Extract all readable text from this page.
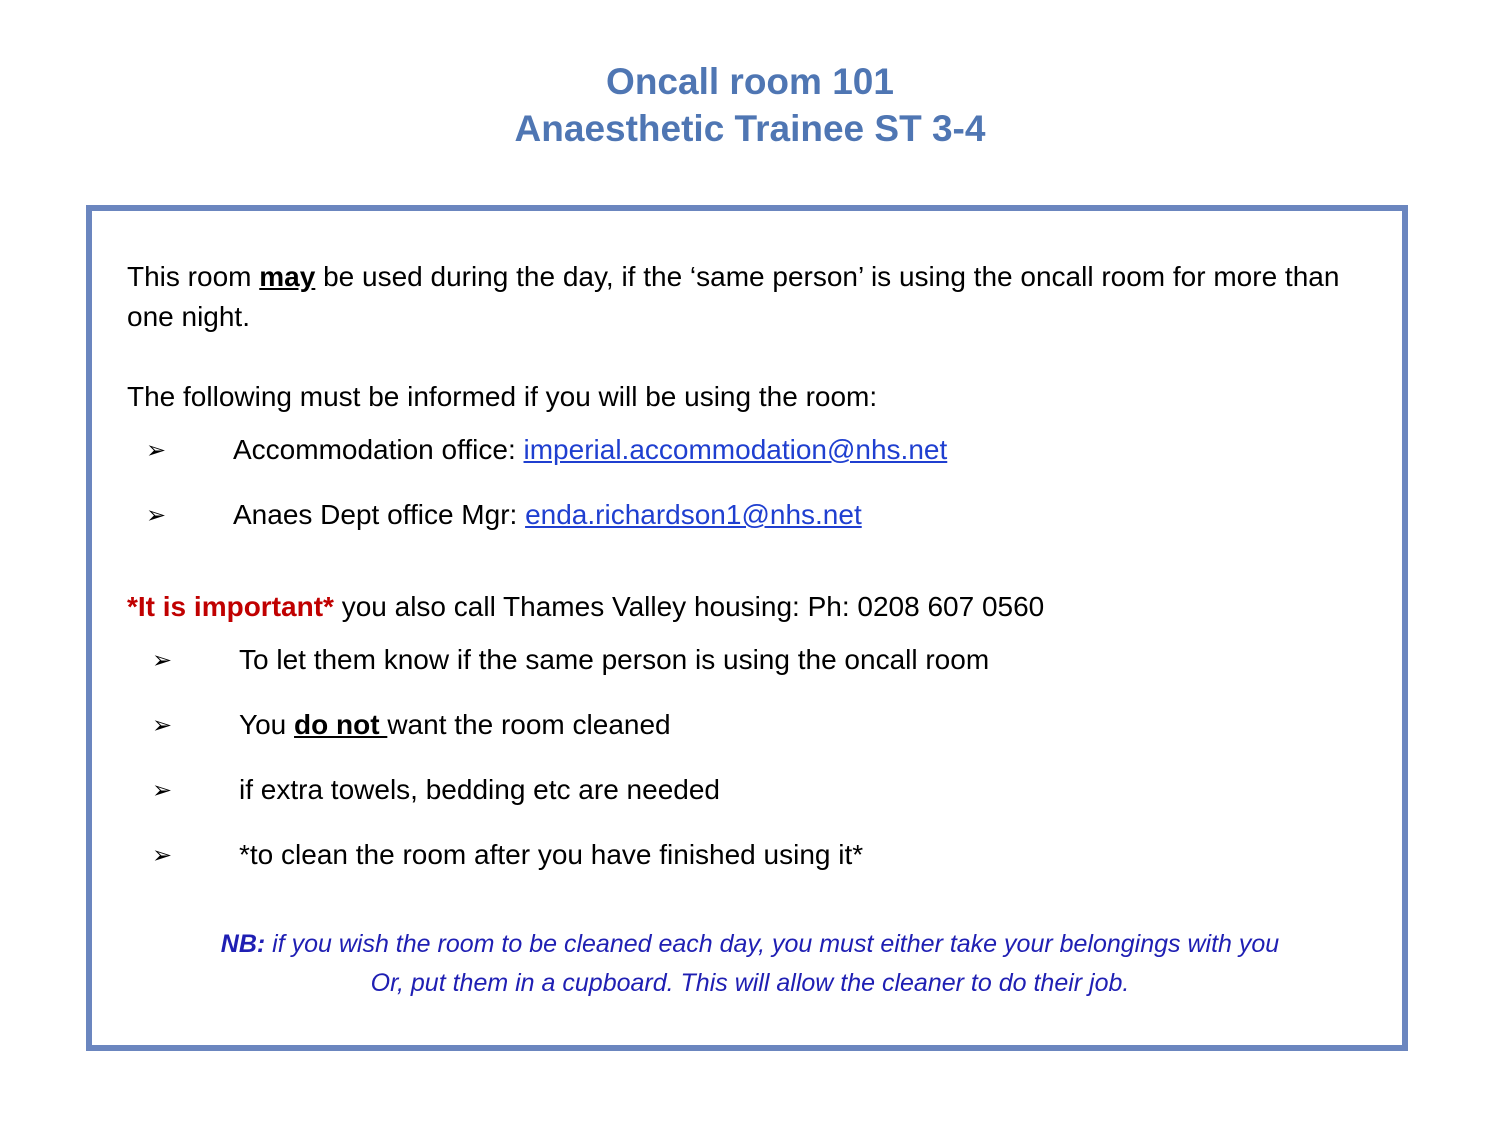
Oncall room 101
Anaesthetic Trainee ST 3-4
This room may be used during the day, if the ‘same person’ is using the oncall room for more than one night.
The following must be informed if you will be using the room:
➢ Accommodation office: imperial.accommodation@nhs.net
➢ Anaes Dept office Mgr: enda.richardson1@nhs.net
*It is important* you also call Thames Valley housing: Ph: 0208 607 0560
➢ To let them know if the same person is using the oncall room
➢ You do not want the room cleaned
➢ if extra towels, bedding etc are needed
➢ *to clean the room after you have finished using it*
NB: if you wish the room to be cleaned each day, you must either take your belongings with you
Or, put them in a cupboard. This will allow the cleaner to do their job.
